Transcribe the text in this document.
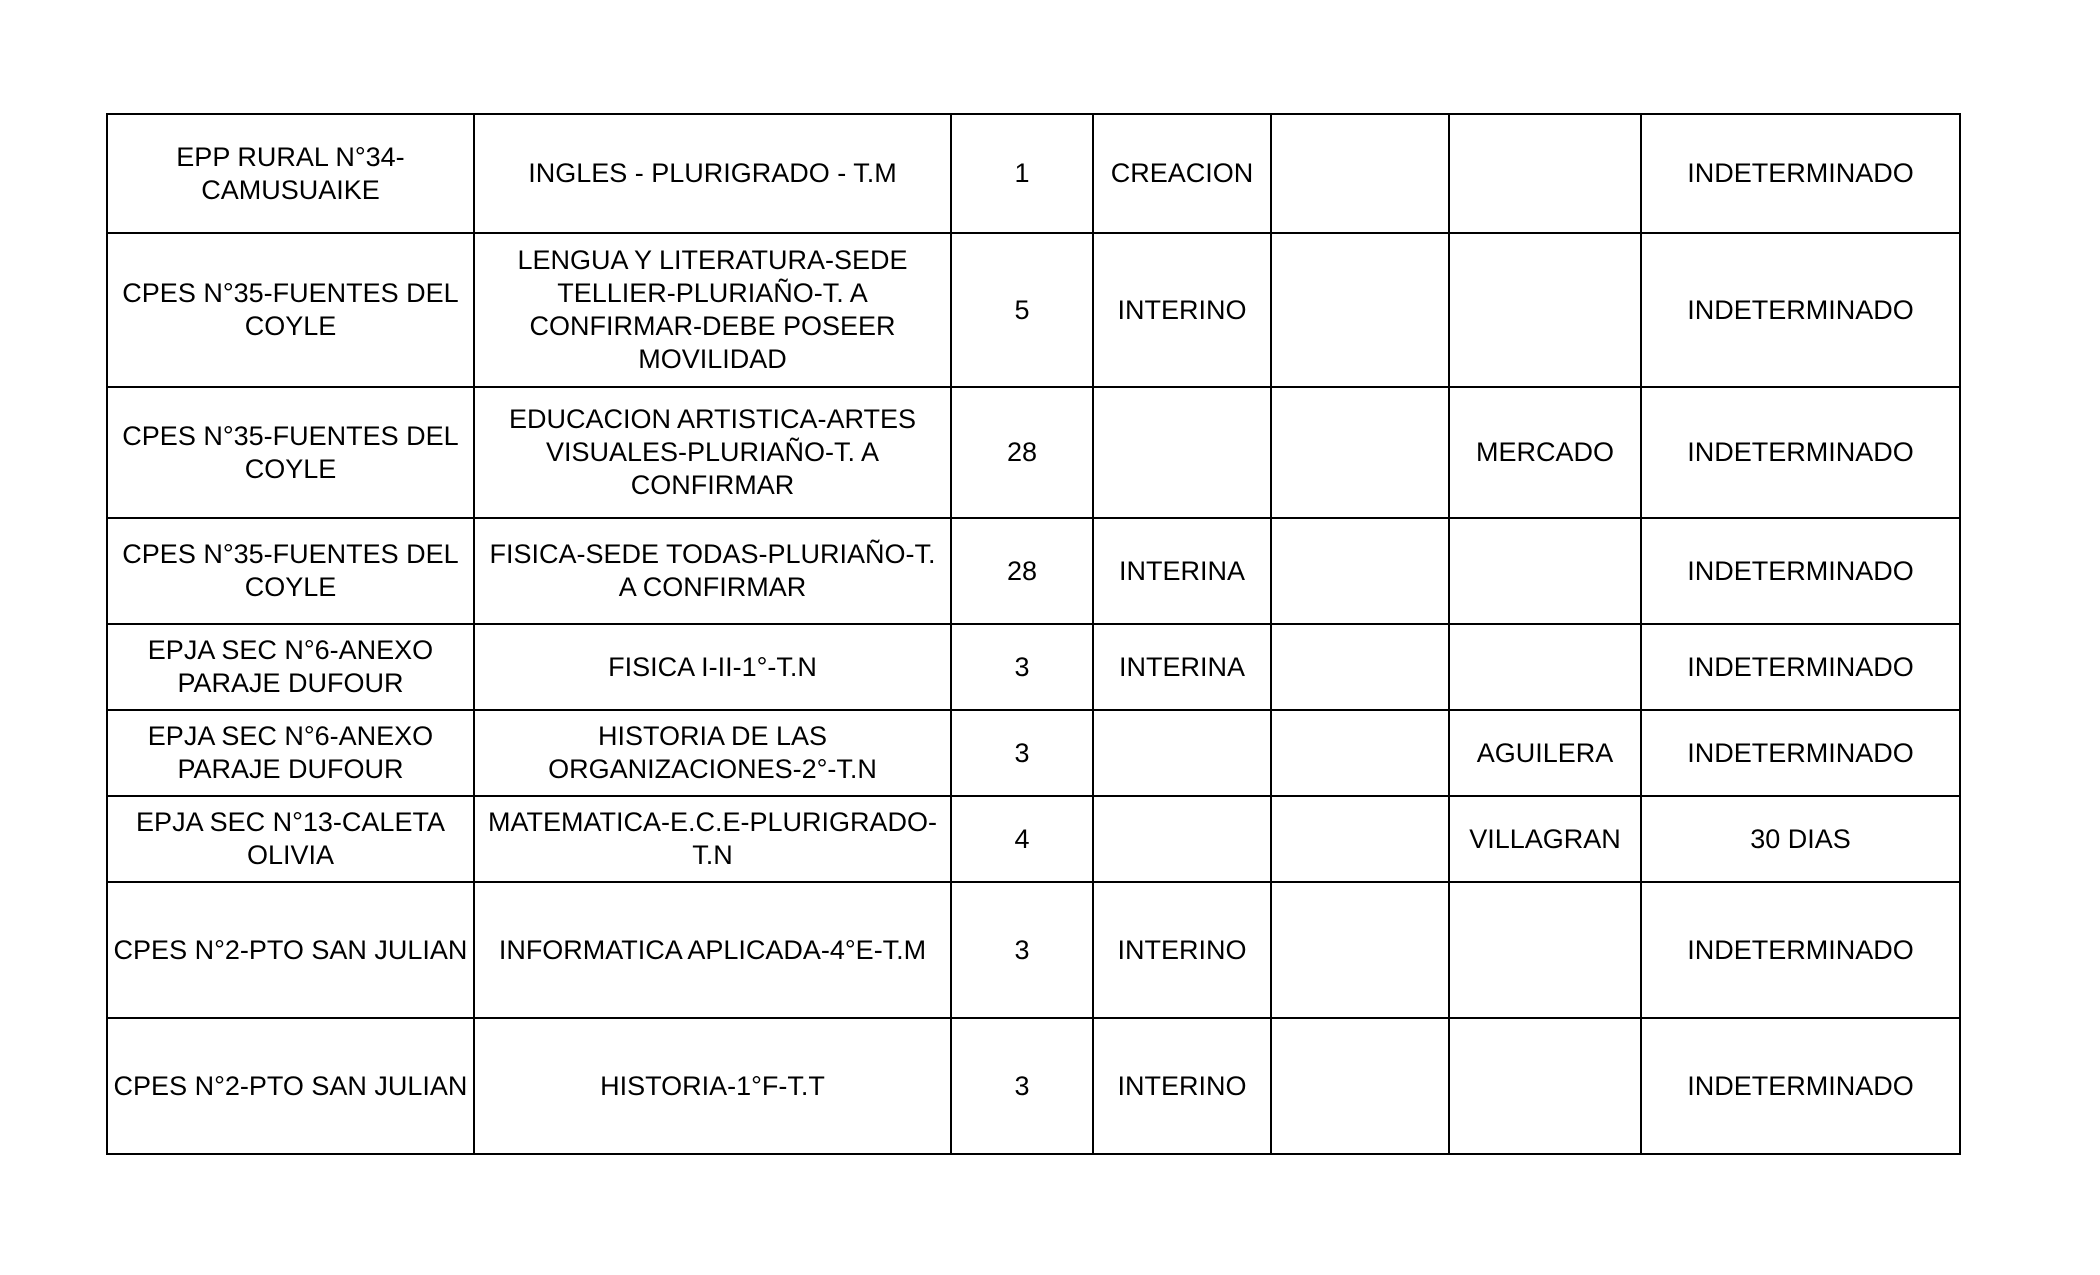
EPP RURAL N°34-CAMUSUAIKE	INGLES - PLURIGRADO - T.M	1	CREACION			INDETERMINADO
CPES N°35-FUENTES DEL COYLE	LENGUA Y LITERATURA-SEDE TELLIER-PLURIAÑO-T. A CONFIRMAR-DEBE POSEER MOVILIDAD	5	INTERINO			INDETERMINADO
CPES N°35-FUENTES DEL COYLE	EDUCACION ARTISTICA-ARTES VISUALES-PLURIAÑO-T. A CONFIRMAR	28			MERCADO	INDETERMINADO
CPES N°35-FUENTES DEL COYLE	FISICA-SEDE TODAS-PLURIAÑO-T. A CONFIRMAR	28	INTERINA			INDETERMINADO
EPJA SEC N°6-ANEXO PARAJE DUFOUR	FISICA I-II-1°-T.N	3	INTERINA			INDETERMINADO
EPJA SEC N°6-ANEXO PARAJE DUFOUR	HISTORIA DE LAS ORGANIZACIONES-2°-T.N	3			AGUILERA	INDETERMINADO
EPJA SEC N°13-CALETA OLIVIA	MATEMATICA-E.C.E-PLURIGRADO-T.N	4			VILLAGRAN	30 DIAS
CPES N°2-PTO SAN JULIAN	INFORMATICA APLICADA-4°E-T.M	3	INTERINO			INDETERMINADO
CPES N°2-PTO SAN JULIAN	HISTORIA-1°F-T.T	3	INTERINO			INDETERMINADO
